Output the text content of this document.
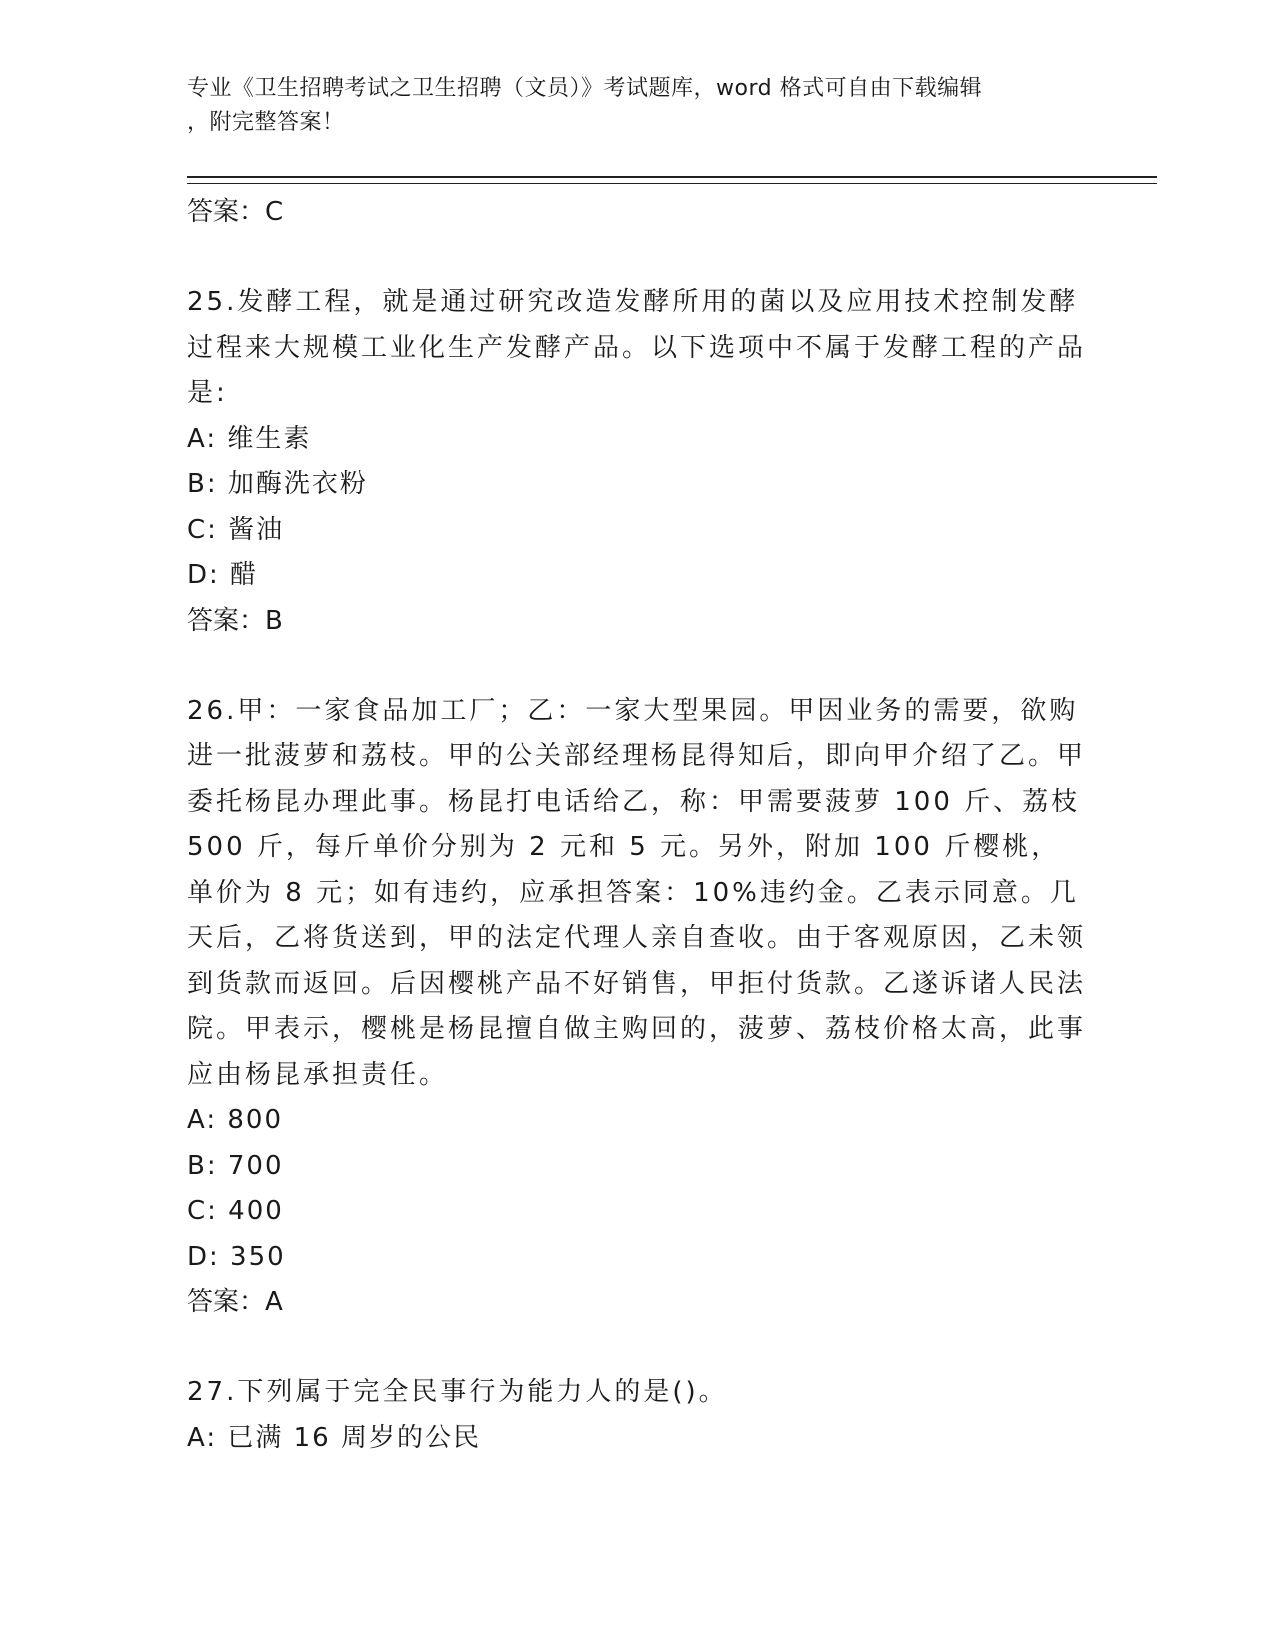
专业《卫生招聘考试之卫生招聘（文员）》考试题库，word 格式可自由下载编辑
，附完整答案！
答案：C
25.发酵工程，就是通过研究改造发酵所用的菌以及应用技术控制发酵过程来大规模工业化生产发酵产品。以下选项中不属于发酵工程的产品是:
A: 维生素
B: 加酶洗衣粉
C: 酱油
D: 醋
答案：B
26.甲：一家食品加工厂；乙：一家大型果园。甲因业务的需要，欲购进一批菠萝和荔枝。甲的公关部经理杨昆得知后，即向甲介绍了乙。甲委托杨昆办理此事。杨昆打电话给乙，称：甲需要菠萝 100 斤、荔枝 500 斤，每斤单价分别为 2 元和 5 元。另外，附加 100 斤樱桃，单价为 8 元；如有违约，应承担答案：10%违约金。乙表示同意。几天后，乙将货送到，甲的法定代理人亲自查收。由于客观原因，乙未领到货款而返回。后因樱桃产品不好销售，甲拒付货款。乙遂诉诸人民法院。甲表示，樱桃是杨昆擅自做主购回的，菠萝、荔枝价格太高，此事应由杨昆承担责任。
A: 800
B: 700
C: 400
D: 350
答案：A
27.下列属于完全民事行为能力人的是()。
A: 已满 16 周岁的公民
